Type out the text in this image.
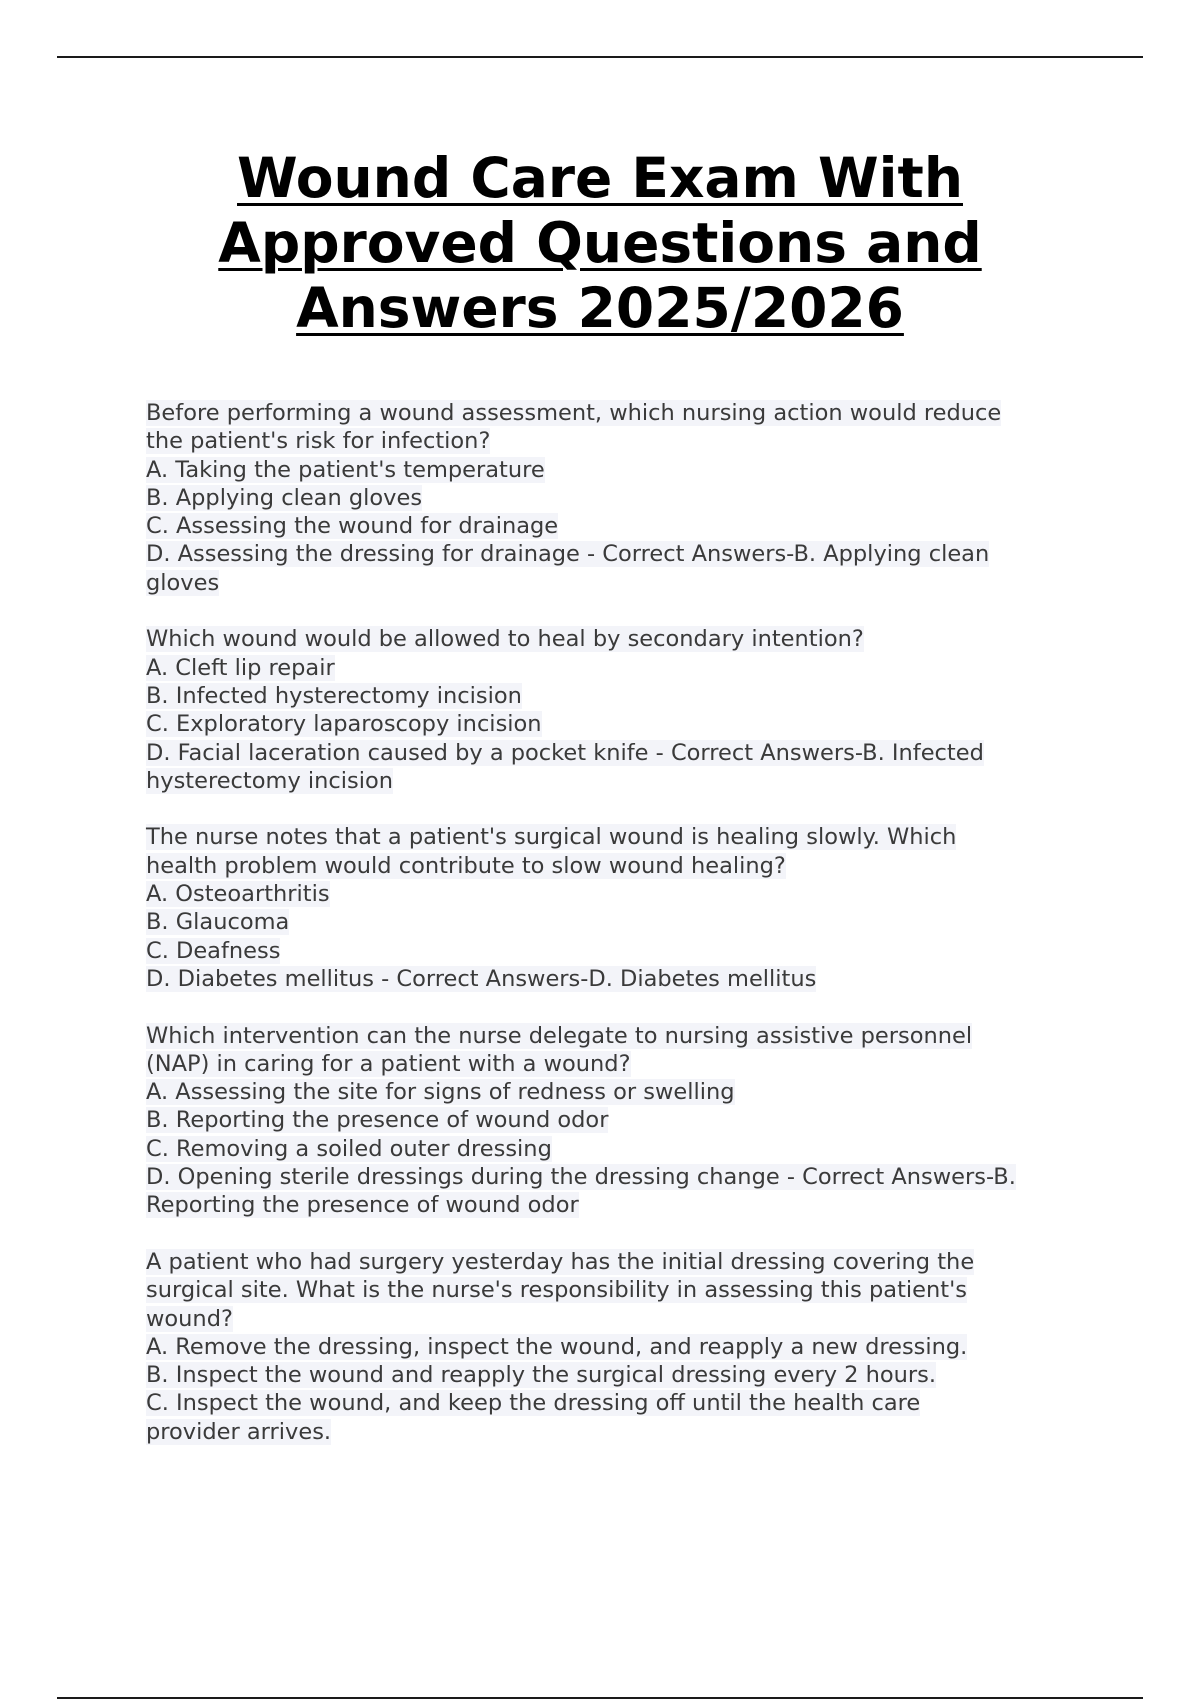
Wound Care Exam With Approved Questions and Answers 2025/2026
Before performing a wound assessment, which nursing action would reduce
the patient's risk for infection?
A. Taking the patient's temperature
B. Applying clean gloves
C. Assessing the wound for drainage
D. Assessing the dressing for drainage - Correct Answers-B. Applying clean
gloves
Which wound would be allowed to heal by secondary intention?
A. Cleft lip repair
B. Infected hysterectomy incision
C. Exploratory laparoscopy incision
D. Facial laceration caused by a pocket knife - Correct Answers-B. Infected
hysterectomy incision
The nurse notes that a patient's surgical wound is healing slowly. Which
health problem would contribute to slow wound healing?
A. Osteoarthritis
B. Glaucoma
C. Deafness
D. Diabetes mellitus - Correct Answers-D. Diabetes mellitus
Which intervention can the nurse delegate to nursing assistive personnel
(NAP) in caring for a patient with a wound?
A. Assessing the site for signs of redness or swelling
B. Reporting the presence of wound odor
C. Removing a soiled outer dressing
D. Opening sterile dressings during the dressing change - Correct Answers-B.
Reporting the presence of wound odor
A patient who had surgery yesterday has the initial dressing covering the
surgical site. What is the nurse's responsibility in assessing this patient's
wound?
A. Remove the dressing, inspect the wound, and reapply a new dressing.
B. Inspect the wound and reapply the surgical dressing every 2 hours.
C. Inspect the wound, and keep the dressing off until the health care
provider arrives.
